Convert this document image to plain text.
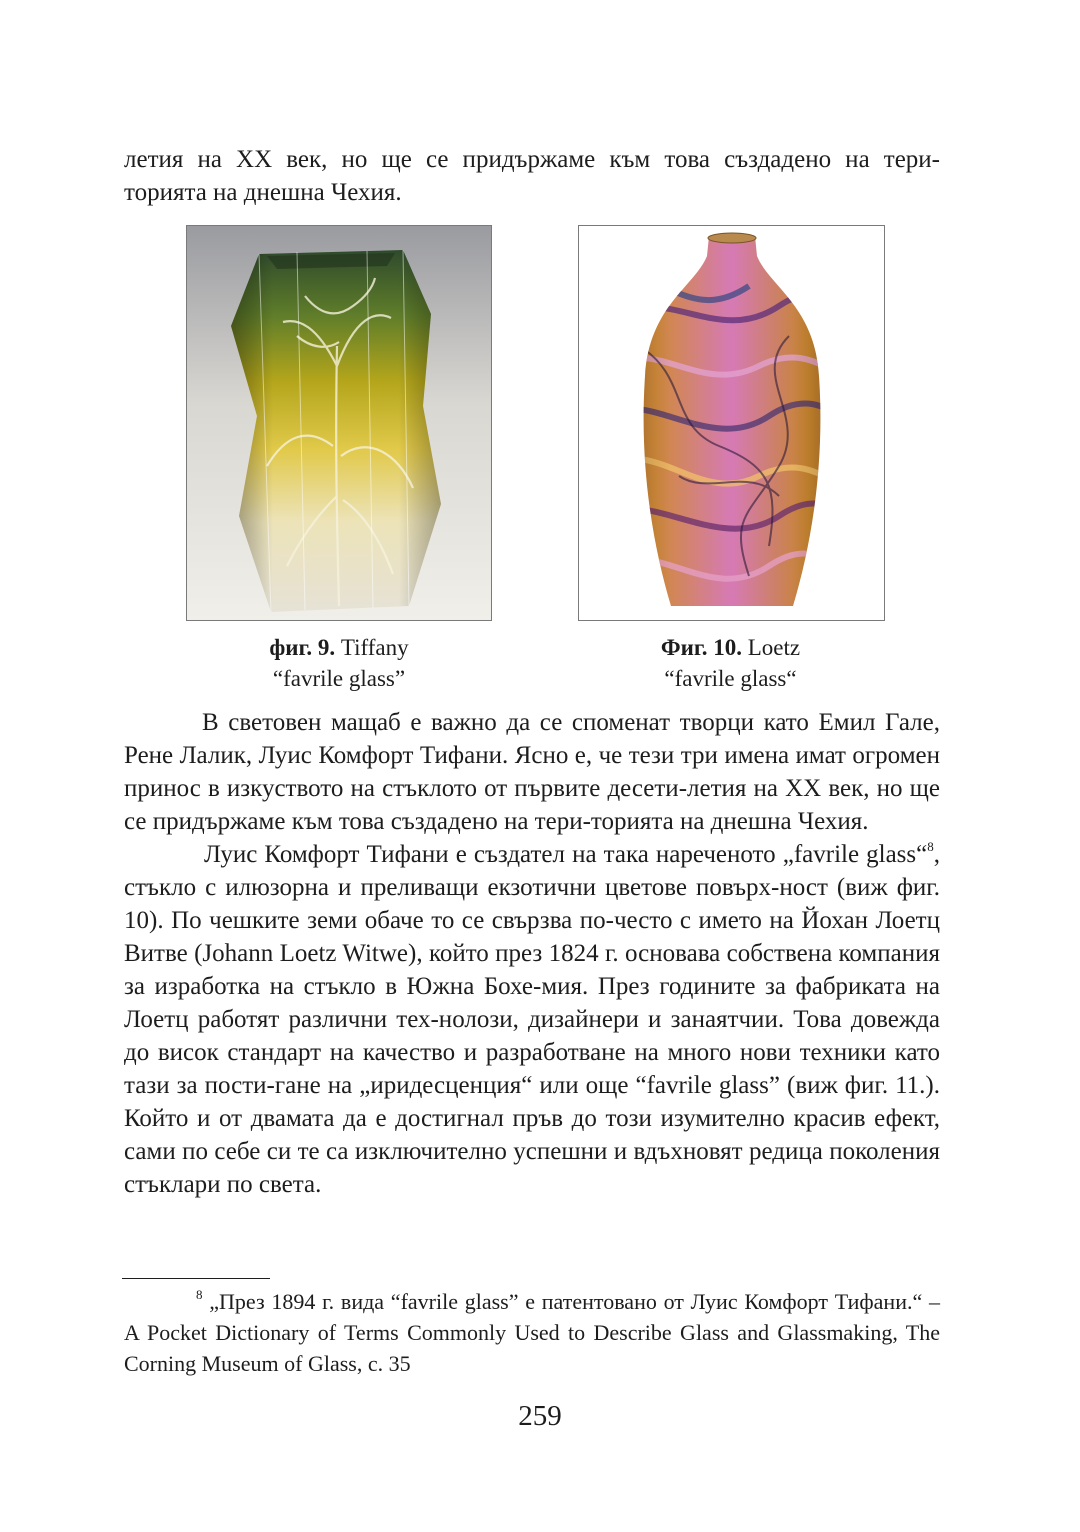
летия на ХХ век, но ще се придържаме към това създадено на тери-
торията на днешна Чехия.
фиг. 9. Tiffany
“favrile glass”
Фиг. 10. Loetz
“favrile glass“

В световен мащаб е важно да се споменат творци като Емил Гале, Рене Лалик, Луис Комфорт Тифани. Ясно е, че тези три имена имат огромен принос в изкуството на стъклото от първите десети-летия на ХХ век, но ще се придържаме към това създадено на тери-торията на днешна Чехия.

Луис Комфорт Тифани е създател на така нареченото „favrile glass“$^8$, стъкло с илюзорна и преливащи екзотични цветове повърх-ност (виж фиг. 10). По чешките земи обаче то се свързва по-често с името на Йохан Лоетц Витве (Johann Loetz Witwe), който през 1824 г. основава собствена компания за изработка на стъкло в Южна Бохе-мия. През годините за фабриката на Лоетц работят различни тех-нолози, дизайнери и занаятчии. Това довежда до висок стандарт на качество и разработване на много нови техники като тази за пости-гане на „иридесценция“ или още “favrile glass” (виж фиг. 11.). Който и от двамата да е достигнал пръв до този изумително красив ефект, сами по себе си те са изключително успешни и вдъхновят редица поколения стъклари по света.

$^8$ „През 1894 г. вида “favrile glass” е патентовано от Луис Комфорт Тифани.“ – A Pocket Dictionary of Terms Commonly Used to Describe Glass and Glassmaking, The Corning Museum of Glass, с. 35
259
